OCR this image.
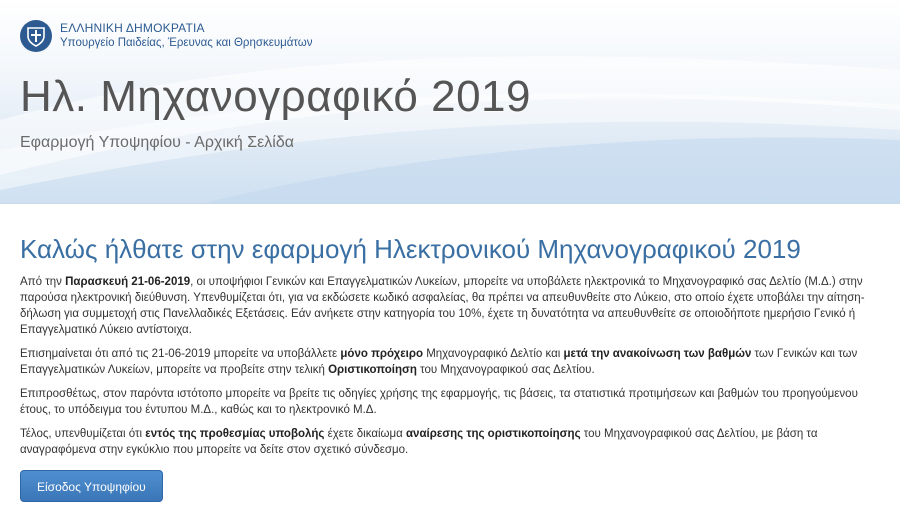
ΕΛΛΗΝΙΚΗ ΔΗΜΟΚΡΑΤΙΑ
Υπουργείο Παιδείας, Έρευνας και Θρησκευμάτων
Ηλ. Μηχανογραφικό 2019
Εφαρμογή Υποψηφίου - Αρχική Σελίδα
Καλώς ήλθατε στην εφαρμογή Ηλεκτρονικού Μηχανογραφικού 2019

Από την Παρασκευή 21-06-2019, οι υποψήφιοι Γενικών και Επαγγελματικών Λυκείων, μπορείτε να υποβάλετε ηλεκτρονικά το Μηχανογραφικό σας Δελτίο (Μ.Δ.) στην παρούσα ηλεκτρονική διεύθυνση. Υπενθυμίζεται ότι, για να εκδώσετε κωδικό ασφαλείας, θα πρέπει να απευθυνθείτε στο Λύκειο, στο οποίο έχετε υποβάλει την αίτηση-δήλωση για συμμετοχή στις Πανελλαδικές Εξετάσεις. Εάν ανήκετε στην κατηγορία του 10%, έχετε τη δυνατότητα να απευθυνθείτε σε οποιοδήποτε ημερήσιο Γενικό ή Επαγγελματικό Λύκειο αντίστοιχα.

Επισημαίνεται ότι από τις 21-06-2019 μπορείτε να υποβάλλετε μόνο πρόχειρο Μηχανογραφικό Δελτίο και μετά την ανακοίνωση των βαθμών των Γενικών και των Επαγγελματικών Λυκείων, μπορείτε να προβείτε στην τελική Οριστικοποίηση του Μηχανογραφικού σας Δελτίου.

Επιπροσθέτως, στον παρόντα ιστότοπο μπορείτε να βρείτε τις οδηγίες χρήσης της εφαρμογής, τις βάσεις, τα στατιστικά προτιμήσεων και βαθμών του προηγούμενου έτους, το υπόδειγμα του έντυπου Μ.Δ., καθώς και το ηλεκτρονικό Μ.Δ.

Τέλος, υπενθυμίζεται ότι εντός της προθεσμίας υποβολής έχετε δικαίωμα αναίρεσης της οριστικοποίησης του Μηχανογραφικού σας Δελτίου, με βάση τα αναγραφόμενα στην εγκύκλιο που μπορείτε να δείτε στον σχετικό σύνδεσμο.

Είσοδος Υποψηφίου
